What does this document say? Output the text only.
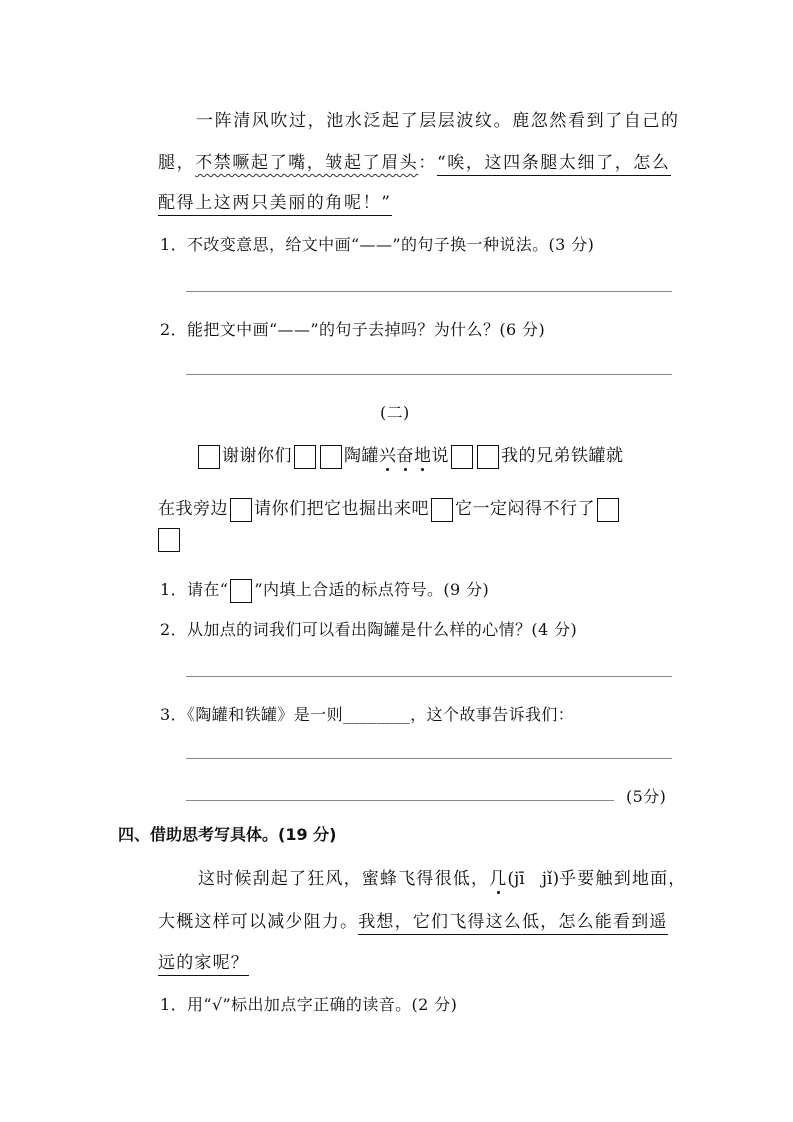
一阵清风吹过，池水泛起了层层波纹。鹿忽然看到了自己的
腿，不禁噘起了嘴，皱起了眉头：“唉，这四条腿太细了，怎么
配得上这两只美丽的角呢！”
1．不改变意思，给文中画“——”的句子换一种说法。(3 分)
2．能把文中画“——”的句子去掉吗？为什么？(6 分)
(二)
谢谢你们	陶罐兴奋地说	我的兄弟铁罐就
在我旁边 请你们把它也掘出来吧 它一定闷得不行了
1．请在“ ”内填上合适的标点符号。(9 分)
2．从加点的词我们可以看出陶罐是什么样的心情？(4 分)
3．《陶罐和铁罐》是一则________，这个故事告诉我们：
(5分)
四、借助思考写具体。(19 分)
这时候刮起了狂风，蜜蜂飞得很低，几(jī　jǐ)乎要触到地面，
大概这样可以减少阻力。我想，它们飞得这么低，怎么能看到遥
远的家呢？
1．用“√”标出加点字正确的读音。(2 分)
